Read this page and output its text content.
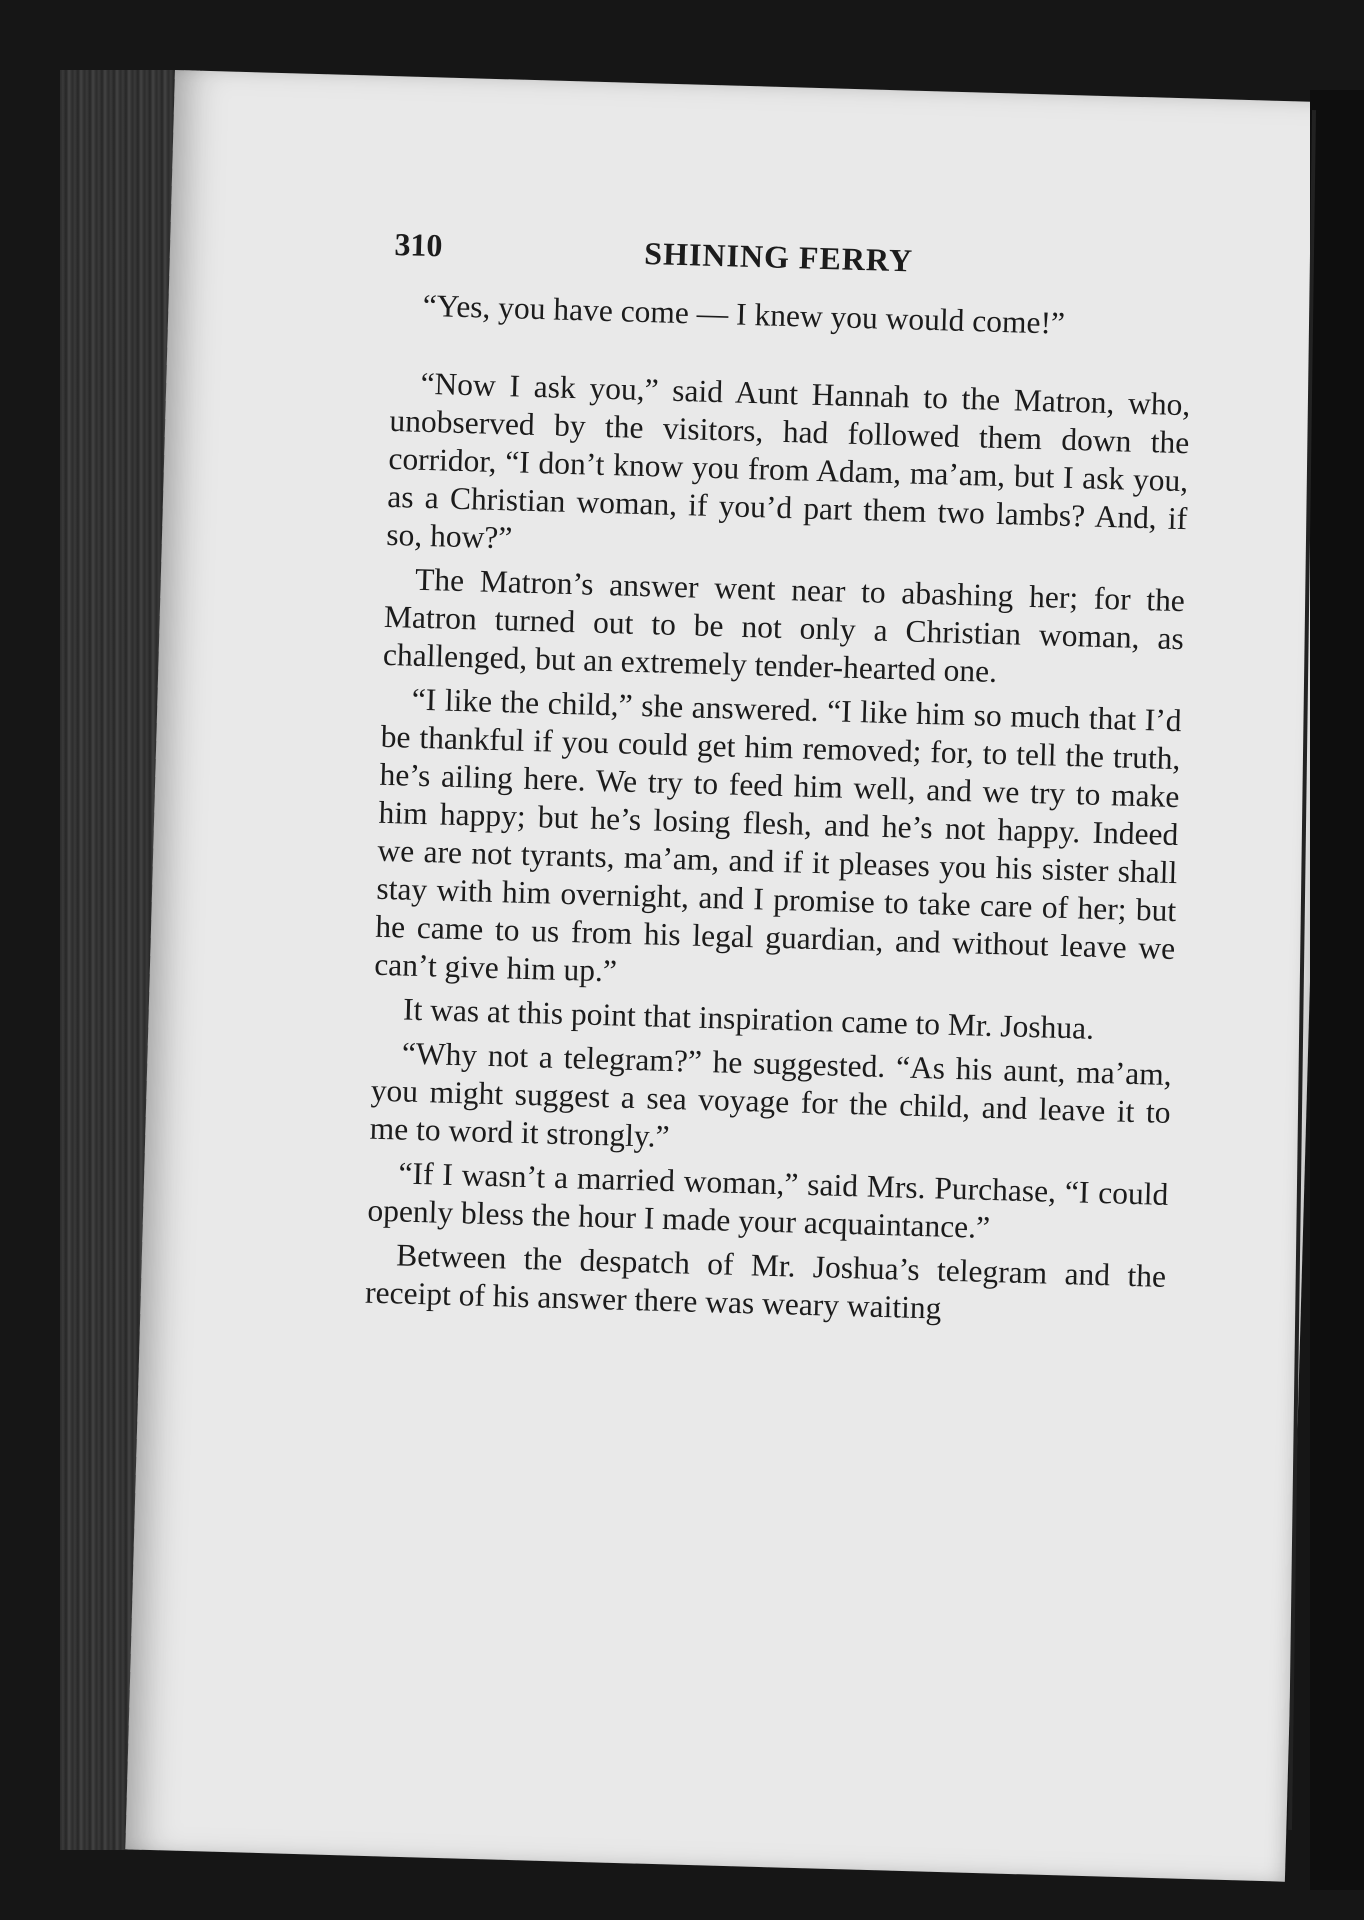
310	SHINING FERRY

“Yes, you have come — I knew you would come!”

“Now I ask you,” said Aunt Hannah to the Matron, who, unobserved by the visitors, had followed them down the corridor, “I don’t know you from Adam, ma’am, but I ask you, as a Christian woman, if you’d part them two lambs? And, if so, how?”

The Matron’s answer went near to abashing her; for the Matron turned out to be not only a Christian woman, as challenged, but an extremely tender-hearted one.

“I like the child,” she answered. “I like him so much that I’d be thankful if you could get him removed; for, to tell the truth, he’s ailing here. We try to feed him well, and we try to make him happy; but he’s losing flesh, and he’s not happy. Indeed we are not tyrants, ma’am, and if it pleases you his sister shall stay with him overnight, and I promise to take care of her; but he came to us from his legal guardian, and without leave we can’t give him up.”

It was at this point that inspiration came to Mr. Joshua.

“Why not a telegram?” he suggested. “As his aunt, ma’am, you might suggest a sea voyage for the child, and leave it to me to word it strongly.”

“If I wasn’t a married woman,” said Mrs. Purchase, “I could openly bless the hour I made your acquaintance.”

Between the despatch of Mr. Joshua’s telegram and the receipt of his answer there was weary waiting
